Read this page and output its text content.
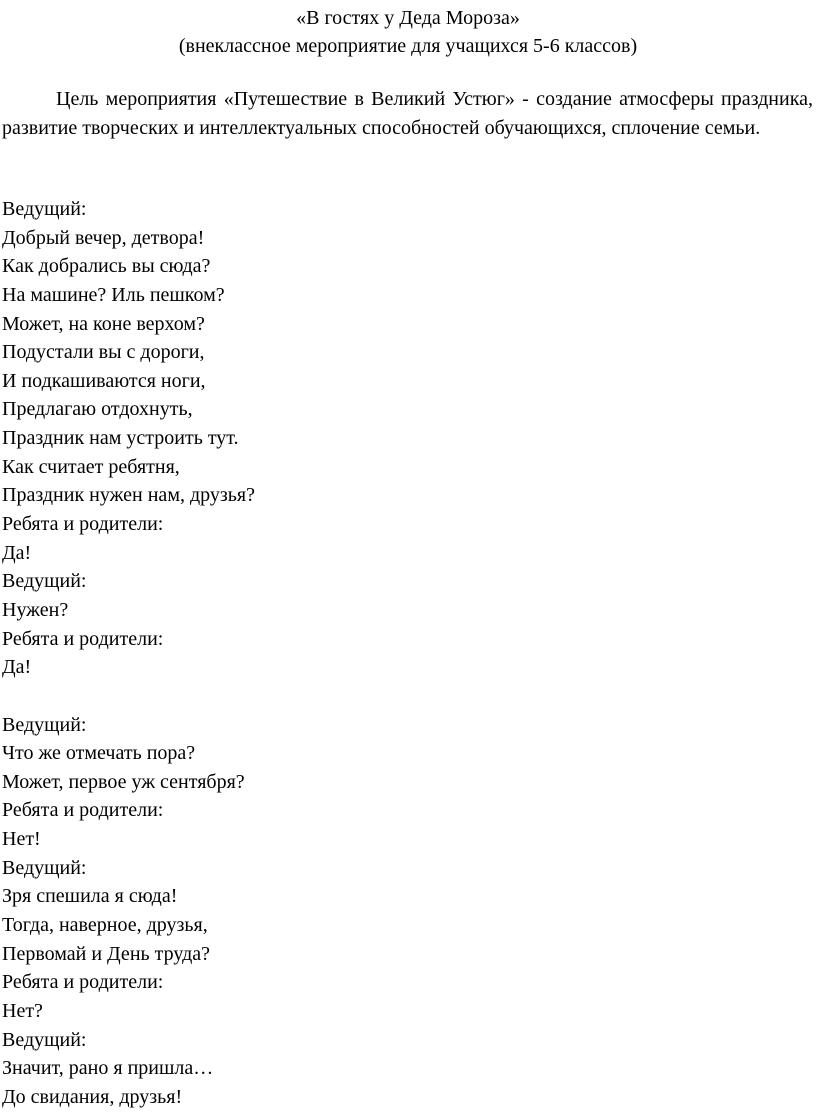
«В гостях у Деда Мороза»
(внеклассное мероприятие для учащихся 5-6 классов)

Цель мероприятия «Путешествие в Великий Устюг» - создание атмосферы праздника, развитие творческих и интеллектуальных способностей обучающихся, сплочение семьи.

Ведущий:
Добрый вечер, детвора!
Как добрались вы сюда?
На машине? Иль пешком?
Может, на коне верхом?
Подустали вы с дороги,
И подкашиваются ноги,
Предлагаю отдохнуть,
Праздник нам устроить тут.
Как считает ребятня,
Праздник нужен нам, друзья?
Ребята и родители:
Да!
Ведущий:
Нужен?
Ребята и родители:
Да!
Ведущий:
Что же отмечать пора?
Может, первое уж сентября?
Ребята и родители:
Нет!
Ведущий:
Зря спешила я сюда!
Тогда, наверное, друзья,
Первомай и День труда?
Ребята и родители:
Нет?
Ведущий:
Значит, рано я пришла…
До свидания, друзья!
